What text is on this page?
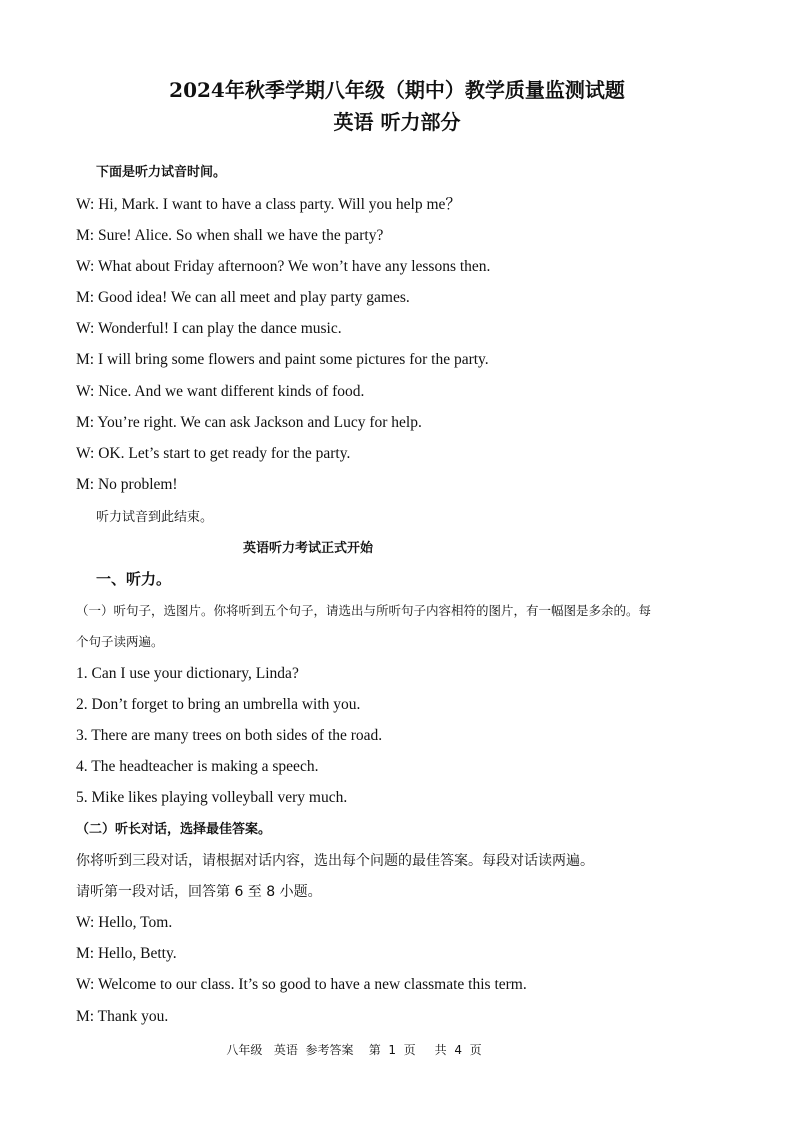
2024年秋季学期八年级（期中）教学质量监测试题
英语 听力部分

下面是听力试音时间。

W: Hi, Mark. I want to have a class party. Will you help me？

M: Sure! Alice. So when shall we have the party?

W: What about Friday afternoon? We won’t have any lessons then.

M: Good idea! We can all meet and play party games.

W: Wonderful! I can play the dance music.

M: I will bring some flowers and paint some pictures for the party.

W: Nice. And we want different kinds of food.

M: You’re right. We can ask Jackson and Lucy for help.

W: OK. Let’s start to get ready for the party.

M: No problem!

听力试音到此结束。

英语听力考试正式开始

一、听力。

（一）听句子，选图片。你将听到五个句子，请选出与所听句子内容相符的图片，有一幅图是多余的。每

个句子读两遍。

1. Can I use your dictionary, Linda?

2. Don’t forget to bring an umbrella with you.

3. There are many trees on both sides of the road.

4. The headteacher is making a speech.

5. Mike likes playing volleyball very much.

（二）听长对话，选择最佳答案。

你将听到三段对话，请根据对话内容，选出每个问题的最佳答案。每段对话读两遍。

请听第一段对话，回答第 6 至 8 小题。

W: Hello, Tom.

M: Hello, Betty.

W: Welcome to our class. It’s so good to have a new classmate this term.

M: Thank you.

八年级   英语  参考答案    第  1  页     共  4  页
